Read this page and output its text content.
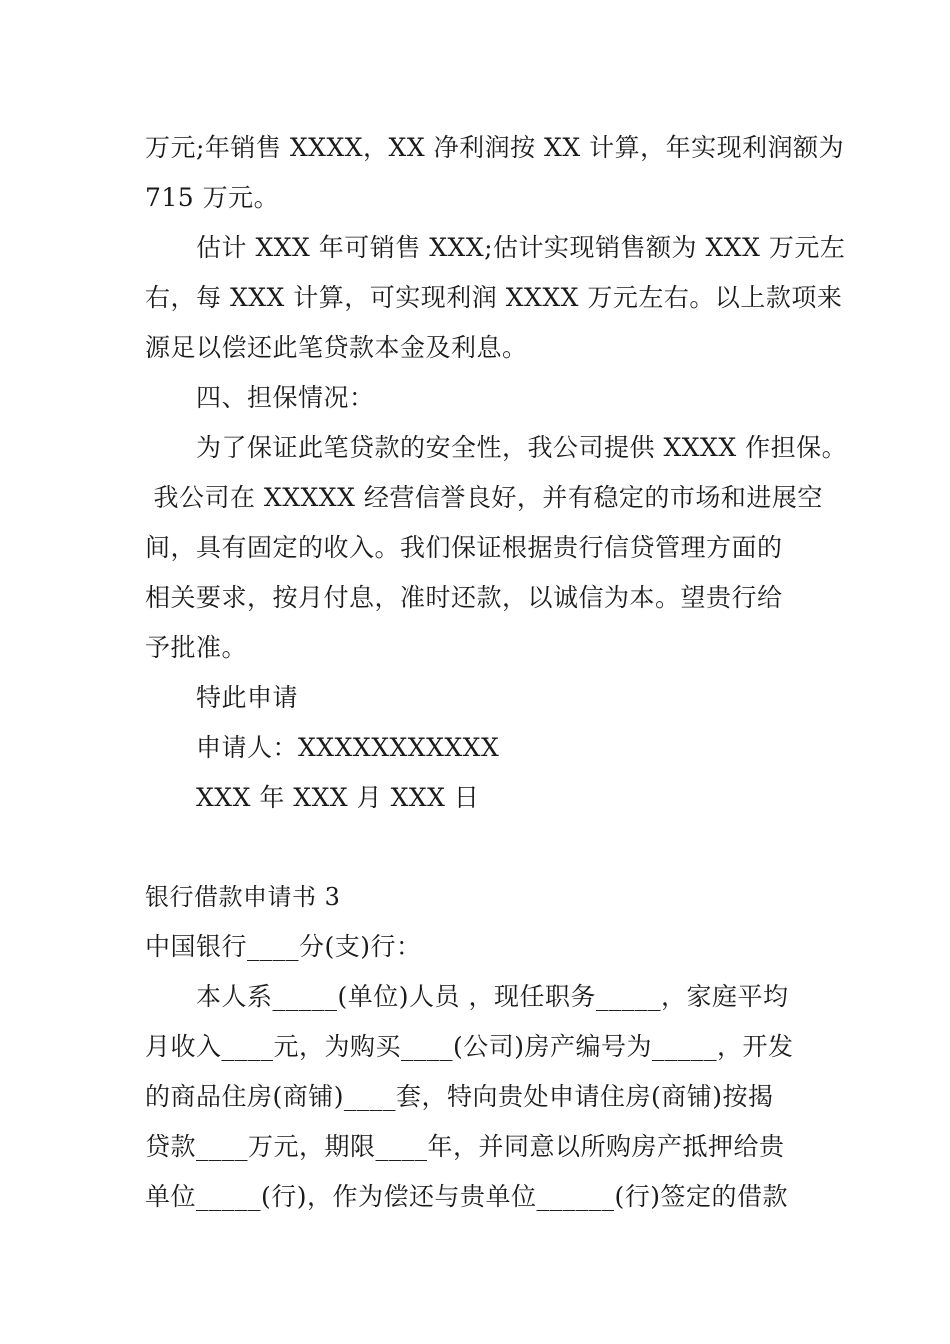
万元;年销售 XXXX，XX 净利润按 XX 计算，年实现利润额为
715 万元。
估计 XXX 年可销售 XXX;估计实现销售额为 XXX 万元左
右，每 XXX 计算，可实现利润 XXXX 万元左右。以上款项来
源足以偿还此笔贷款本金及利息。
四、担保情况：
为了保证此笔贷款的安全性，我公司提供 XXXX 作担保。
我公司在 XXXXX 经营信誉良好，并有稳定的市场和进展空
间，具有固定的收入。我们保证根据贵行信贷管理方面的
相关要求，按月付息，准时还款，以诚信为本。望贵行给
予批准。
特此申请
申请人：XXXXXXXXXXX
XXX 年 XXX 月 XXX 日
银行借款申请书 3
中国银行____分(支)行：
本人系_____(单位)人员 ，现任职务_____，家庭平均
月收入____元，为购买____(公司)房产编号为_____，开发
的商品住房(商铺)____套，特向贵处申请住房(商铺)按揭
贷款____万元，期限____年，并同意以所购房产抵押给贵
单位_____(行)，作为偿还与贵单位______(行)签定的借款
